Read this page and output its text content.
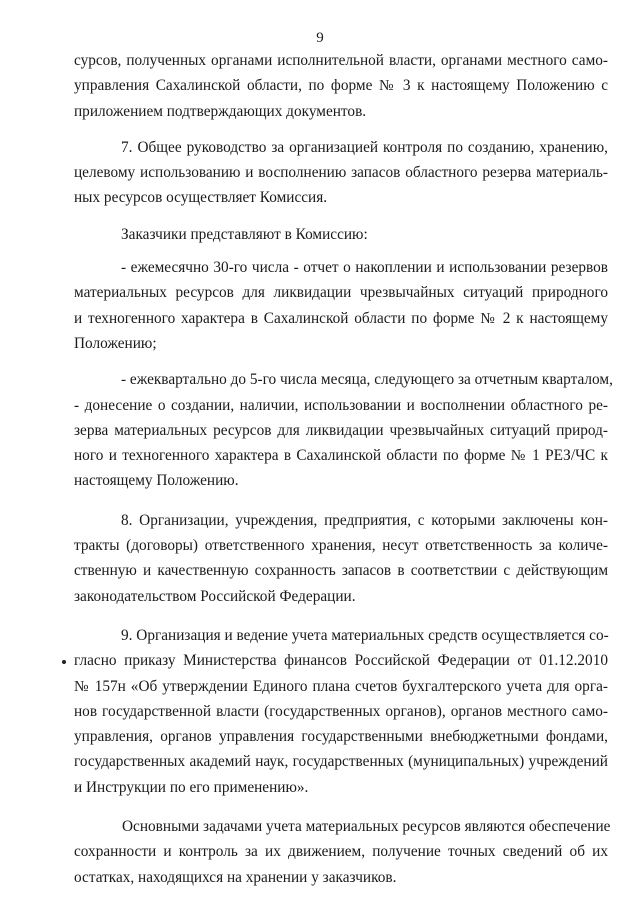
9
сурсов, полученных органами исполнительной власти, органами местного само-
управления Сахалинской области, по форме № 3 к настоящему Положению с
приложением подтверждающих документов.
7. Общее руководство за организацией контроля по созданию, хранению,
целевому использованию и восполнению запасов областного резерва материаль-
ных ресурсов осуществляет Комиссия.
Заказчики представляют в Комиссию:
- ежемесячно 30-го числа - отчет о накоплении и использовании резервов
материальных ресурсов для ликвидации чрезвычайных ситуаций природного
и техногенного характера в Сахалинской области по форме № 2 к настоящему
Положению;
- ежеквартально до 5-го числа месяца, следующего за отчетным кварталом,
- донесение о создании, наличии, использовании и восполнении областного ре-
зерва материальных ресурсов для ликвидации чрезвычайных ситуаций природ-
ного и техногенного характера в Сахалинской области по форме № 1 РЕЗ/ЧС к
настоящему Положению.
8. Организации, учреждения, предприятия, с которыми заключены кон-
тракты (договоры) ответственного хранения, несут ответственность за количе-
ственную и качественную сохранность запасов в соответствии с действующим
законодательством Российской Федерации.
9. Организация и ведение учета материальных средств осуществляется со-
гласно приказу Министерства финансов Российской Федерации от 01.12.2010
№ 157н «Об утверждении Единого плана счетов бухгалтерского учета для орга-
нов государственной власти (государственных органов), органов местного само-
управления, органов управления государственными внебюджетными фондами,
государственных академий наук, государственных (муниципальных) учреждений
и Инструкции по его применению».
Основными задачами учета материальных ресурсов являются обеспечение
сохранности и контроль за их движением, получение точных сведений об их
остатках, находящихся на хранении у заказчиков.
